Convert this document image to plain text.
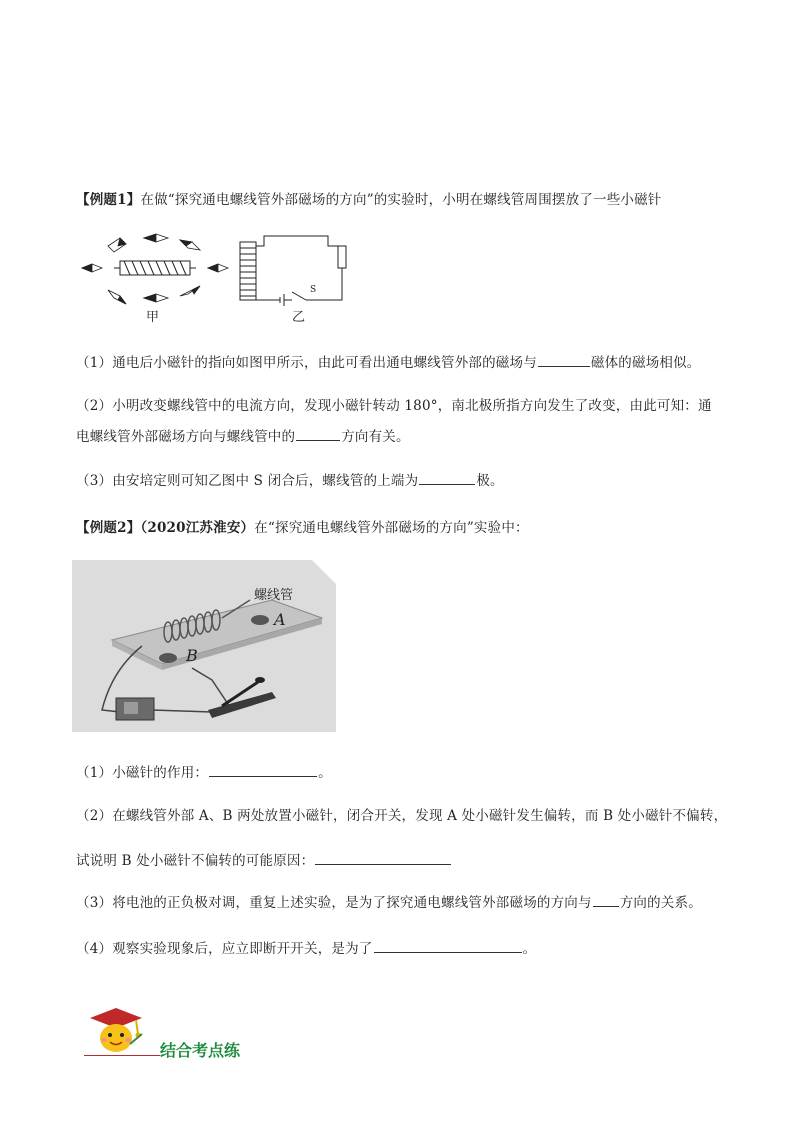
【例题1】在做“探究通电螺线管外部磁场的方向”的实验时，小明在螺线管周围摆放了一些小磁针
甲
S
乙
（1）通电后小磁针的指向如图甲所示，由此可看出通电螺线管外部的磁场与	磁体的磁场相似。
（2）小明改变螺线管中的电流方向，发现小磁针转动 180°，南北极所指方向发生了改变，由此可知：通
电螺线管外部磁场方向与螺线管中的	方向有关。
（3）由安培定则可知乙图中 S 闭合后，螺线管的上端为	极。
【例题2】（2020江苏淮安）在“探究通电螺线管外部磁场的方向”实验中：
螺线管
A
B
（1）小磁针的作用：	。
（2）在螺线管外部 A、B 两处放置小磁针，闭合开关，发现 A 处小磁针发生偏转，而 B 处小磁针不偏转，
试说明 B 处小磁针不偏转的可能原因：
（3）将电池的正负极对调，重复上述实验，是为了探究通电螺线管外部磁场的方向与 方向的关系。
（4）观察实验现象后，应立即断开开关，是为了	。
结合考点练
